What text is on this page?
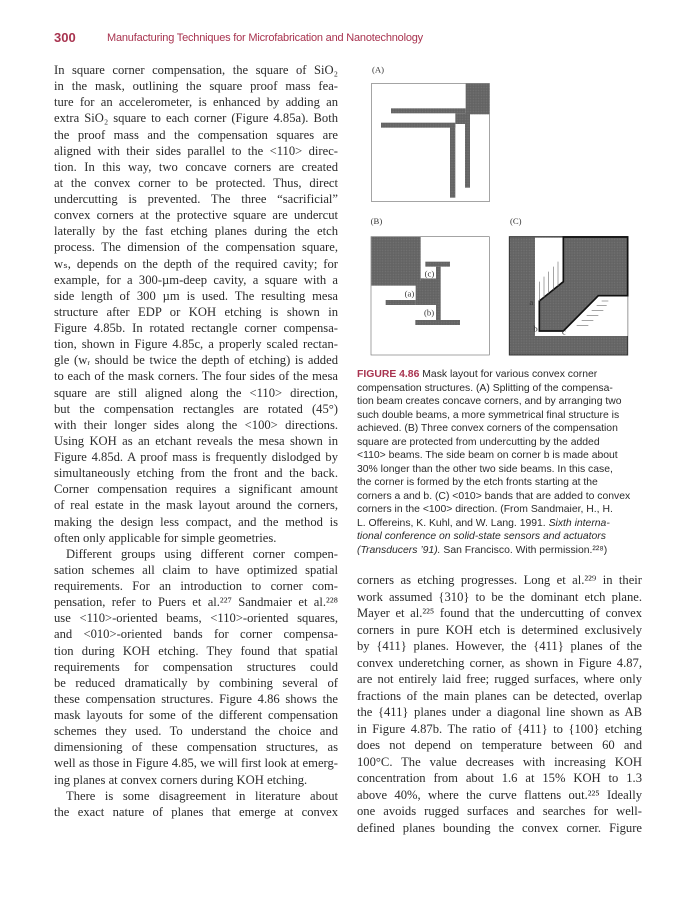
300	Manufacturing Techniques for Microfabrication and Nanotechnology
In square corner compensation, the square of SiO₂
in the mask, outlining the square proof mass fea-
ture for an accelerometer, is enhanced by adding an
extra SiO₂ square to each corner (Figure 4.85a). Both
the proof mass and the compensation squares are
aligned with their sides parallel to the <110> direc-
tion. In this way, two concave corners are created
at the convex corner to be protected. Thus, direct
undercutting is prevented. The three “sacrificial”
convex corners at the protective square are undercut
laterally by the fast etching planes during the etch
process. The dimension of the compensation square,
wₛ, depends on the depth of the required cavity; for
example, for a 300-µm-deep cavity, a square with a
side length of 300 µm is used. The resulting mesa
structure after EDP or KOH etching is shown in
Figure 4.85b. In rotated rectangle corner compensa-
tion, shown in Figure 4.85c, a properly scaled rectan-
gle (wᵣ should be twice the depth of etching) is added
to each of the mask corners. The four sides of the mesa
square are still aligned along the <110> direction,
but the compensation rectangles are rotated (45°)
with their longer sides along the <100> directions.
Using KOH as an etchant reveals the mesa shown in
Figure 4.85d. A proof mass is frequently dislodged by
simultaneously etching from the front and the back.
Corner compensation requires a significant amount
of real estate in the mask layout around the corners,
making the design less compact, and the method is
often only applicable for simple geometries.
Different groups using different corner compen-
sation schemes all claim to have optimized spatial
requirements. For an introduction to corner com-
pensation, refer to Puers et al.²²⁷ Sandmaier et al.²²⁸
use <110>-oriented beams, <110>-oriented squares,
and <010>-oriented bands for corner compensa-
tion during KOH etching. They found that spatial
requirements for compensation structures could
be reduced dramatically by combining several of
these compensation structures. Figure 4.86 shows the
mask layouts for some of the different compensation
schemes they used. To understand the choice and
dimensioning of these compensation structures, as
well as those in Figure 4.85, we will first look at emerg-
ing planes at convex corners during KOH etching.
There is some disagreement in literature about
the exact nature of planes that emerge at convex
(A)
(B)
(c)
(a)
(b)
(C)
a
b c
FIGURE 4.86 Mask layout for various convex corner
compensation structures. (A) Splitting of the compensa-
tion beam creates concave corners, and by arranging two
such double beams, a more symmetrical final structure is
achieved. (B) Three convex corners of the compensation
square are protected from undercutting by the added
<110> beams. The side beam on corner b is made about
30% longer than the other two side beams. In this case,
the corner is formed by the etch fronts starting at the
corners a and b. (C) <010> bands that are added to convex
corners in the <100> direction. (From Sandmaier, H., H.
L. Offereins, K. Kuhl, and W. Lang. 1991. Sixth interna-
tional conference on solid-state sensors and actuators
(Transducers ’91). San Francisco. With permission.²²⁸)
corners as etching progresses. Long et al.²²⁹ in their
work assumed {310} to be the dominant etch plane.
Mayer et al.²²⁵ found that the undercutting of convex
corners in pure KOH etch is determined exclusively
by {411} planes. However, the {411} planes of the
convex underetching corner, as shown in Figure 4.87,
are not entirely laid free; rugged surfaces, where only
fractions of the main planes can be detected, overlap
the {411} planes under a diagonal line shown as AB
in Figure 4.87b. The ratio of {411} to {100} etching
does not depend on temperature between 60 and
100°C. The value decreases with increasing KOH
concentration from about 1.6 at 15% KOH to 1.3
above 40%, where the curve flattens out.²²⁵ Ideally
one avoids rugged surfaces and searches for well-
defined planes bounding the convex corner. Figure
